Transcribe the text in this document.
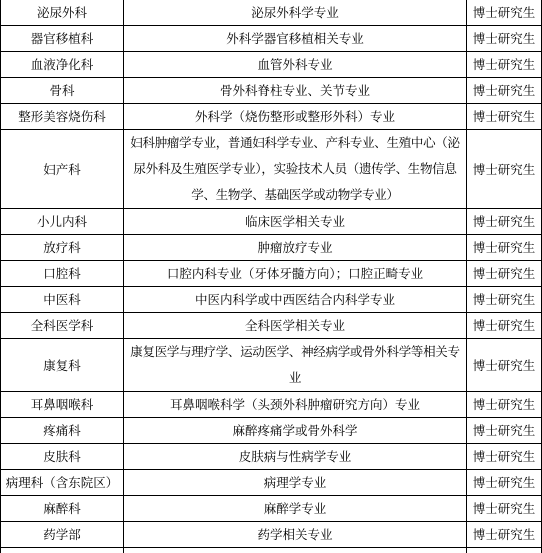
泌尿外科	泌尿外科学专业	博士研究生
器官移植科	外科学器官移植相关专业	博士研究生
血液净化科	血管外科专业	博士研究生
骨科	骨外科脊柱专业、关节专业	博士研究生
整形美容烧伤科	外科学（烧伤整形或整形外科）专业	博士研究生
妇产科	妇科肿瘤学专业，普通妇科学专业、产科专业、生殖中心（泌尿外科及生殖医学专业），实验技术人员（遗传学、生物信息学、生物学、基础医学或动物学专业）	博士研究生
小儿内科	临床医学相关专业	博士研究生
放疗科	肿瘤放疗专业	博士研究生
口腔科	口腔内科专业（牙体牙髓方向）；口腔正畸专业	博士研究生
中医科	中医内科学或中西医结合内科学专业	博士研究生
全科医学科	全科医学相关专业	博士研究生
康复科	康复医学与理疗学、运动医学、神经病学或骨外科学等相关专业	博士研究生
耳鼻咽喉科	耳鼻咽喉科学（头颈外科肿瘤研究方向）专业	博士研究生
疼痛科	麻醉疼痛学或骨外科学	博士研究生
皮肤科	皮肤病与性病学专业	博士研究生
病理科（含东院区）	病理学专业	博士研究生
麻醉科	麻醉学专业	博士研究生
药学部	药学相关专业	博士研究生
